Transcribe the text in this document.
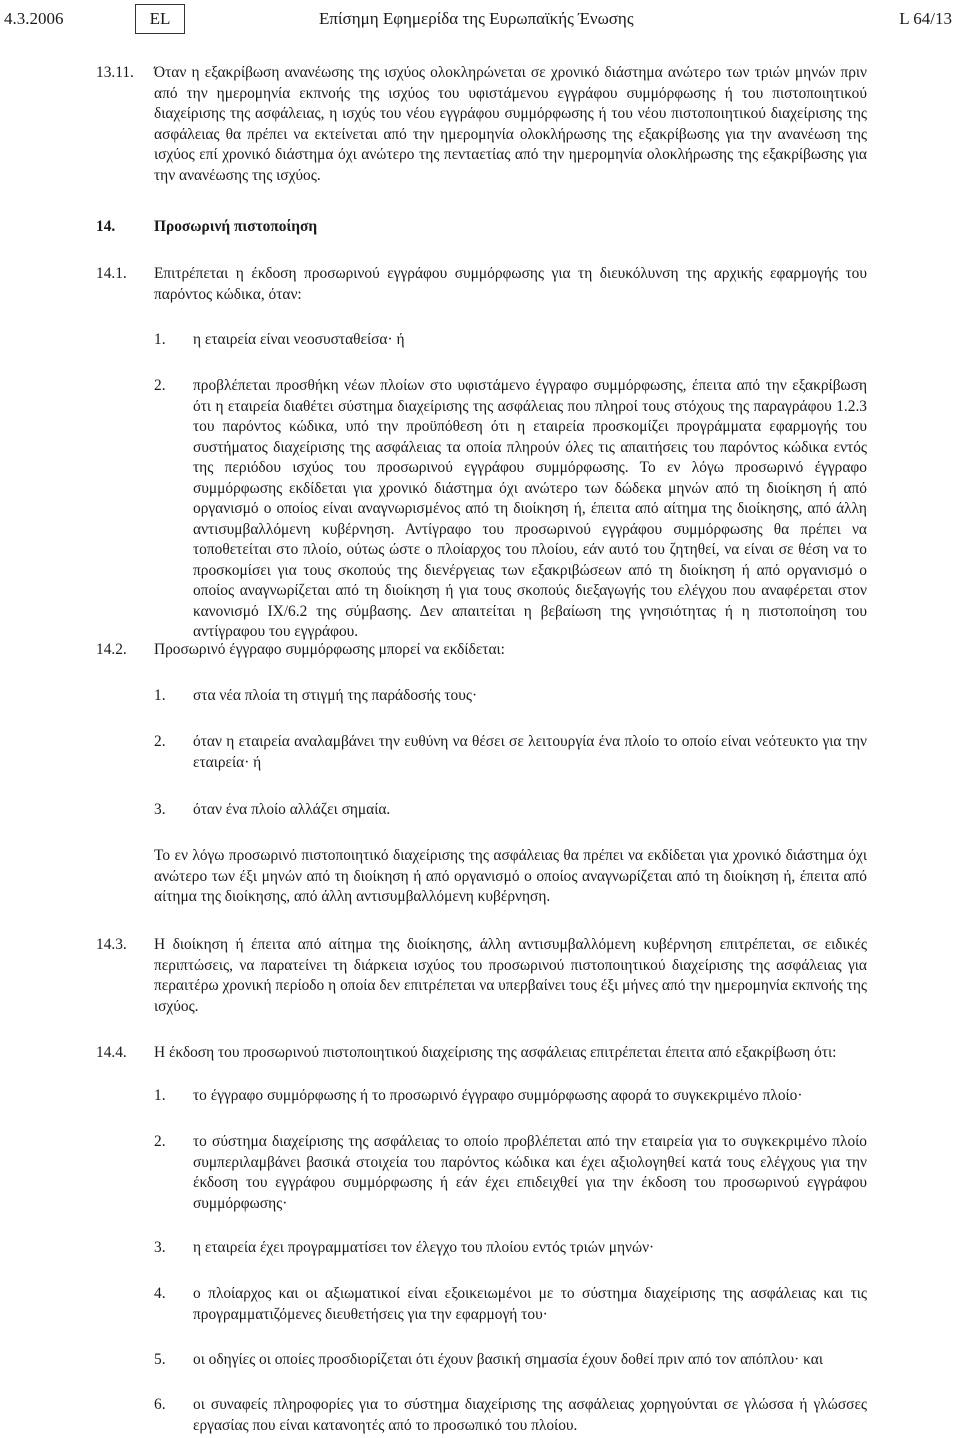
4.3.2006	EL	Επίσημη Εφημερίδα της Ευρωπαϊκής Ένωσης	L 64/13
13.11. Όταν η εξακρίβωση ανανέωσης της ισχύος ολοκληρώνεται σε χρονικό διάστημα ανώτερο των τριών μηνών πριν από την ημερομηνία εκπνοής της ισχύος του υφιστάμενου εγγράφου συμμόρφωσης ή του πιστοποιητικού διαχείρισης της ασφάλειας, η ισχύς του νέου εγγράφου συμμόρφωσης ή του νέου πιστοποιητικού διαχείρισης της ασφάλειας θα πρέπει να εκτείνεται από την ημερομηνία ολοκλήρωσης της εξακρίβωσης για την ανανέωση της ισχύος επί χρονικό διάστημα όχι ανώτερο της πενταετίας από την ημερομηνία ολοκλήρωσης της εξακρίβωσης για την ανανέωσης της ισχύος.
14.	Προσωρινή πιστοποίηση
14.1. Επιτρέπεται η έκδοση προσωρινού εγγράφου συμμόρφωσης για τη διευκόλυνση της αρχικής εφαρμογής του παρόντος κώδικα, όταν:
1. η εταιρεία είναι νεοσυσταθείσα· ή
2. προβλέπεται προσθήκη νέων πλοίων στο υφιστάμενο έγγραφο συμμόρφωσης, έπειτα από την εξακρίβωση ότι η εταιρεία διαθέτει σύστημα διαχείρισης της ασφάλειας που πληροί τους στόχους της παραγράφου 1.2.3 του παρόντος κώδικα, υπό την προϋπόθεση ότι η εταιρεία προσκομίζει προγράμματα εφαρμογής του συστήματος διαχείρισης της ασφάλειας τα οποία πληρούν όλες τις απαιτήσεις του παρόντος κώδικα εντός της περιόδου ισχύος του προσωρινού εγγράφου συμμόρφωσης. Το εν λόγω προσωρινό έγγραφο συμμόρφωσης εκδίδεται για χρονικό διάστημα όχι ανώτερο των δώδεκα μηνών από τη διοίκηση ή από οργανισμό ο οποίος είναι αναγνωρισμένος από τη διοίκηση ή, έπειτα από αίτημα της διοίκησης, από άλλη αντισυμβαλλόμενη κυβέρνηση. Αντίγραφο του προσωρινού εγγράφου συμμόρφωσης θα πρέπει να τοποθετείται στο πλοίο, ούτως ώστε ο πλοίαρχος του πλοίου, εάν αυτό του ζητηθεί, να είναι σε θέση να το προσκομίσει για τους σκοπούς της διενέργειας των εξακριβώσεων από τη διοίκηση ή από οργανισμό ο οποίος αναγνωρίζεται από τη διοίκηση ή για τους σκοπούς διεξαγωγής του ελέγχου που αναφέρεται στον κανονισμό IX/6.2 της σύμβασης. Δεν απαιτείται η βεβαίωση της γνησιότητας ή η πιστοποίηση του αντίγραφου του εγγράφου.
14.2. Προσωρινό έγγραφο συμμόρφωσης μπορεί να εκδίδεται:
1. στα νέα πλοία τη στιγμή της παράδοσής τους·
2. όταν η εταιρεία αναλαμβάνει την ευθύνη να θέσει σε λειτουργία ένα πλοίο το οποίο είναι νεότευκτο για την εταιρεία· ή
3. όταν ένα πλοίο αλλάζει σημαία.
Το εν λόγω προσωρινό πιστοποιητικό διαχείρισης της ασφάλειας θα πρέπει να εκδίδεται για χρονικό διάστημα όχι ανώτερο των έξι μηνών από τη διοίκηση ή από οργανισμό ο οποίος αναγνωρίζεται από τη διοίκηση ή, έπειτα από αίτημα της διοίκησης, από άλλη αντισυμβαλλόμενη κυβέρνηση.
14.3. Η διοίκηση ή έπειτα από αίτημα της διοίκησης, άλλη αντισυμβαλλόμενη κυβέρνηση επιτρέπεται, σε ειδικές περιπτώσεις, να παρατείνει τη διάρκεια ισχύος του προσωρινού πιστοποιητικού διαχείρισης της ασφάλειας για περαιτέρω χρονική περίοδο η οποία δεν επιτρέπεται να υπερβαίνει τους έξι μήνες από την ημερομηνία εκπνοής της ισχύος.
14.4. Η έκδοση του προσωρινού πιστοποιητικού διαχείρισης της ασφάλειας επιτρέπεται έπειτα από εξακρίβωση ότι:
1. το έγγραφο συμμόρφωσης ή το προσωρινό έγγραφο συμμόρφωσης αφορά το συγκεκριμένο πλοίο·
2. το σύστημα διαχείρισης της ασφάλειας το οποίο προβλέπεται από την εταιρεία για το συγκεκριμένο πλοίο συμπεριλαμβάνει βασικά στοιχεία του παρόντος κώδικα και έχει αξιολογηθεί κατά τους ελέγχους για την έκδοση του εγγράφου συμμόρφωσης ή εάν έχει επιδειχθεί για την έκδοση του προσωρινού εγγράφου συμμόρφωσης·
3. η εταιρεία έχει προγραμματίσει τον έλεγχο του πλοίου εντός τριών μηνών·
4. ο πλοίαρχος και οι αξιωματικοί είναι εξοικειωμένοι με το σύστημα διαχείρισης της ασφάλειας και τις προγραμματιζόμενες διευθετήσεις για την εφαρμογή του·
5. οι οδηγίες οι οποίες προσδιορίζεται ότι έχουν βασική σημασία έχουν δοθεί πριν από τον απόπλου· και
6. οι συναφείς πληροφορίες για το σύστημα διαχείρισης της ασφάλειας χορηγούνται σε γλώσσα ή γλώσσες εργασίας που είναι κατανοητές από το προσωπικό του πλοίου.
